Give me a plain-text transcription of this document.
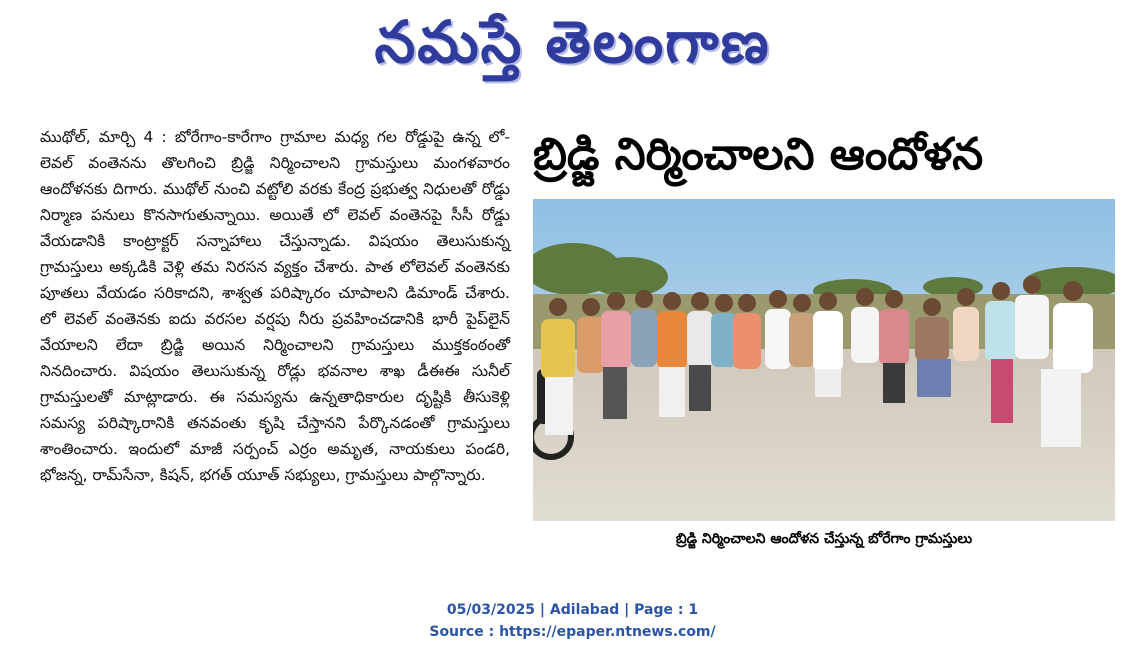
నమస్తే తెలంగాణ
ముథోల్, మార్చి 4 : బోరేగాం-కారేగాం గ్రామాల మధ్య గల రోడ్డుపై ఉన్న లో-లెవల్ వంతెనను తొలగించి బ్రిడ్జి నిర్మించాలని గ్రామస్తులు మంగళవారం ఆందోళనకు దిగారు. ముథోల్ నుంచి వట్టోలి వరకు కేంద్ర ప్రభుత్వ నిధులతో రోడ్డు నిర్మాణ పనులు కొనసాగుతున్నాయి. అయితే లో లెవల్ వంతెనపై సీసీ రోడ్డు వేయడానికి కాంట్రాక్టర్ సన్నాహాలు చేస్తున్నాడు. విషయం తెలుసుకున్న గ్రామస్తులు అక్కడికి వెళ్లి తమ నిరసన వ్యక్తం చేశారు. పాత లోలెవల్ వంతెనకు పూతలు వేయడం సరికాదని, శాశ్వత పరిష్కారం చూపాలని డిమాండ్ చేశారు. లో లెవల్ వంతెనకు ఐదు వరసల వర్షపు నీరు ప్రవహించడానికి భారీ పైప్‌లైన్ వేయాలని లేదా బ్రిడ్జి అయిన నిర్మించాలని గ్రామస్తులు ముక్తకంఠంతో నినదించారు. విషయం తెలుసుకున్న రోడ్లు భవనాల శాఖ డీఈఈ సునీల్ గ్రామస్తులతో మాట్లాడారు. ఈ సమస్యను ఉన్నతాధికారుల దృష్టికి తీసుకెళ్లి సమస్య పరిష్కారానికి తనవంతు కృషి చేస్తానని పేర్కొనడంతో గ్రామస్తులు శాంతించారు. ఇందులో మాజీ సర్పంచ్ ఎర్రం అమృత, నాయకులు పండరి, భోజన్న, రామ్‌సేనా, కిషన్, భగత్ యూత్ సభ్యులు, గ్రామస్తులు పాల్గొన్నారు.
బ్రిడ్జి నిర్మించాలని ఆందోళన
బ్రిడ్జి నిర్మించాలని ఆందోళన చేస్తున్న బోరేగాం గ్రామస్తులు
05/03/2025 | Adilabad | Page : 1
Source : https://epaper.ntnews.com/
